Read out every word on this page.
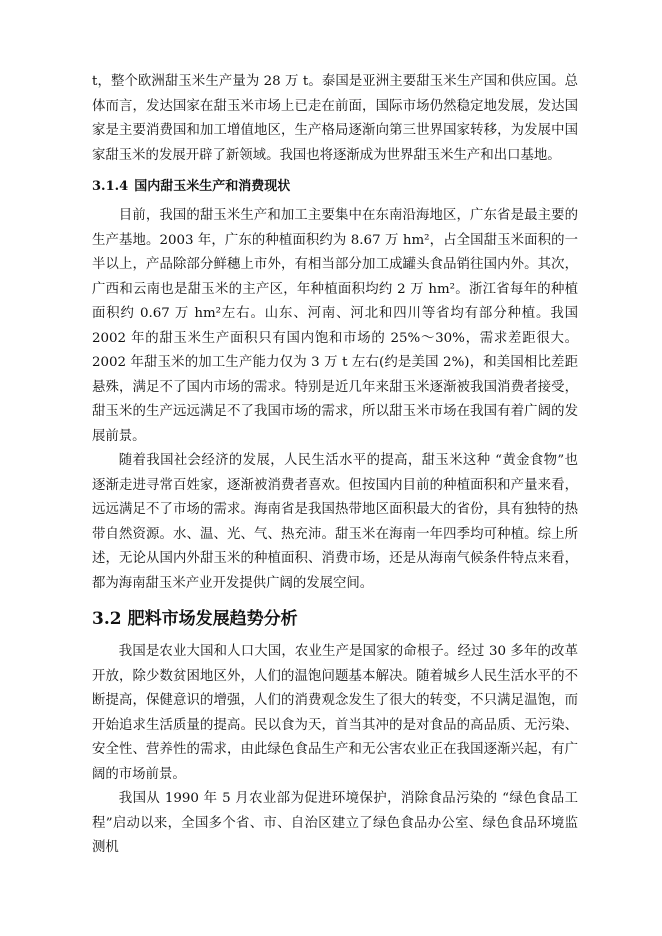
t，整个欧洲甜玉米生产量为 28 万 t。泰国是亚洲主要甜玉米生产国和供应国。总体而言，发达国家在甜玉米市场上已走在前面，国际市场仍然稳定地发展，发达国家是主要消费国和加工增值地区，生产格局逐渐向第三世界国家转移，为发展中国家甜玉米的发展开辟了新领域。我国也将逐渐成为世界甜玉米生产和出口基地。

3.1.4 国内甜玉米生产和消费现状

目前，我国的甜玉米生产和加工主要集中在东南沿海地区，广东省是最主要的生产基地。2003 年，广东的种植面积约为 8.67 万 hm²，占全国甜玉米面积的一半以上，产品除部分鲜穗上市外，有相当部分加工成罐头食品销往国内外。其次，广西和云南也是甜玉米的主产区，年种植面积均约 2 万 hm²。浙江省每年的种植面积约 0.67 万 hm²左右。山东、河南、河北和四川等省均有部分种植。我国 2002 年的甜玉米生产面积只有国内饱和市场的 25%～30%，需求差距很大。2002 年甜玉米的加工生产能力仅为 3 万 t 左右(约是美国 2%)，和美国相比差距悬殊，满足不了国内市场的需求。特别是近几年来甜玉米逐渐被我国消费者接受，甜玉米的生产远远满足不了我国市场的需求，所以甜玉米市场在我国有着广阔的发展前景。

随着我国社会经济的发展，人民生活水平的提高，甜玉米这种 “黄金食物”也逐渐走进寻常百姓家，逐渐被消费者喜欢。但按国内目前的种植面积和产量来看，远远满足不了市场的需求。海南省是我国热带地区面积最大的省份，具有独特的热带自然资源。水、温、光、气、热充沛。甜玉米在海南一年四季均可种植。综上所述，无论从国内外甜玉米的种植面积、消费市场，还是从海南气候条件特点来看，都为海南甜玉米产业开发提供广阔的发展空间。

3.2 肥料市场发展趋势分析

我国是农业大国和人口大国，农业生产是国家的命根子。经过 30 多年的改革开放，除少数贫困地区外，人们的温饱问题基本解决。随着城乡人民生活水平的不断提高，保健意识的增强，人们的消费观念发生了很大的转变，不只满足温饱，而开始追求生活质量的提高。民以食为天，首当其冲的是对食品的高品质、无污染、安全性、营养性的需求，由此绿色食品生产和无公害农业正在我国逐渐兴起，有广阔的市场前景。

我国从 1990 年 5 月农业部为促进环境保护，消除食品污染的 “绿色食品工程”启动以来，全国多个省、市、自治区建立了绿色食品办公室、绿色食品环境监测机
